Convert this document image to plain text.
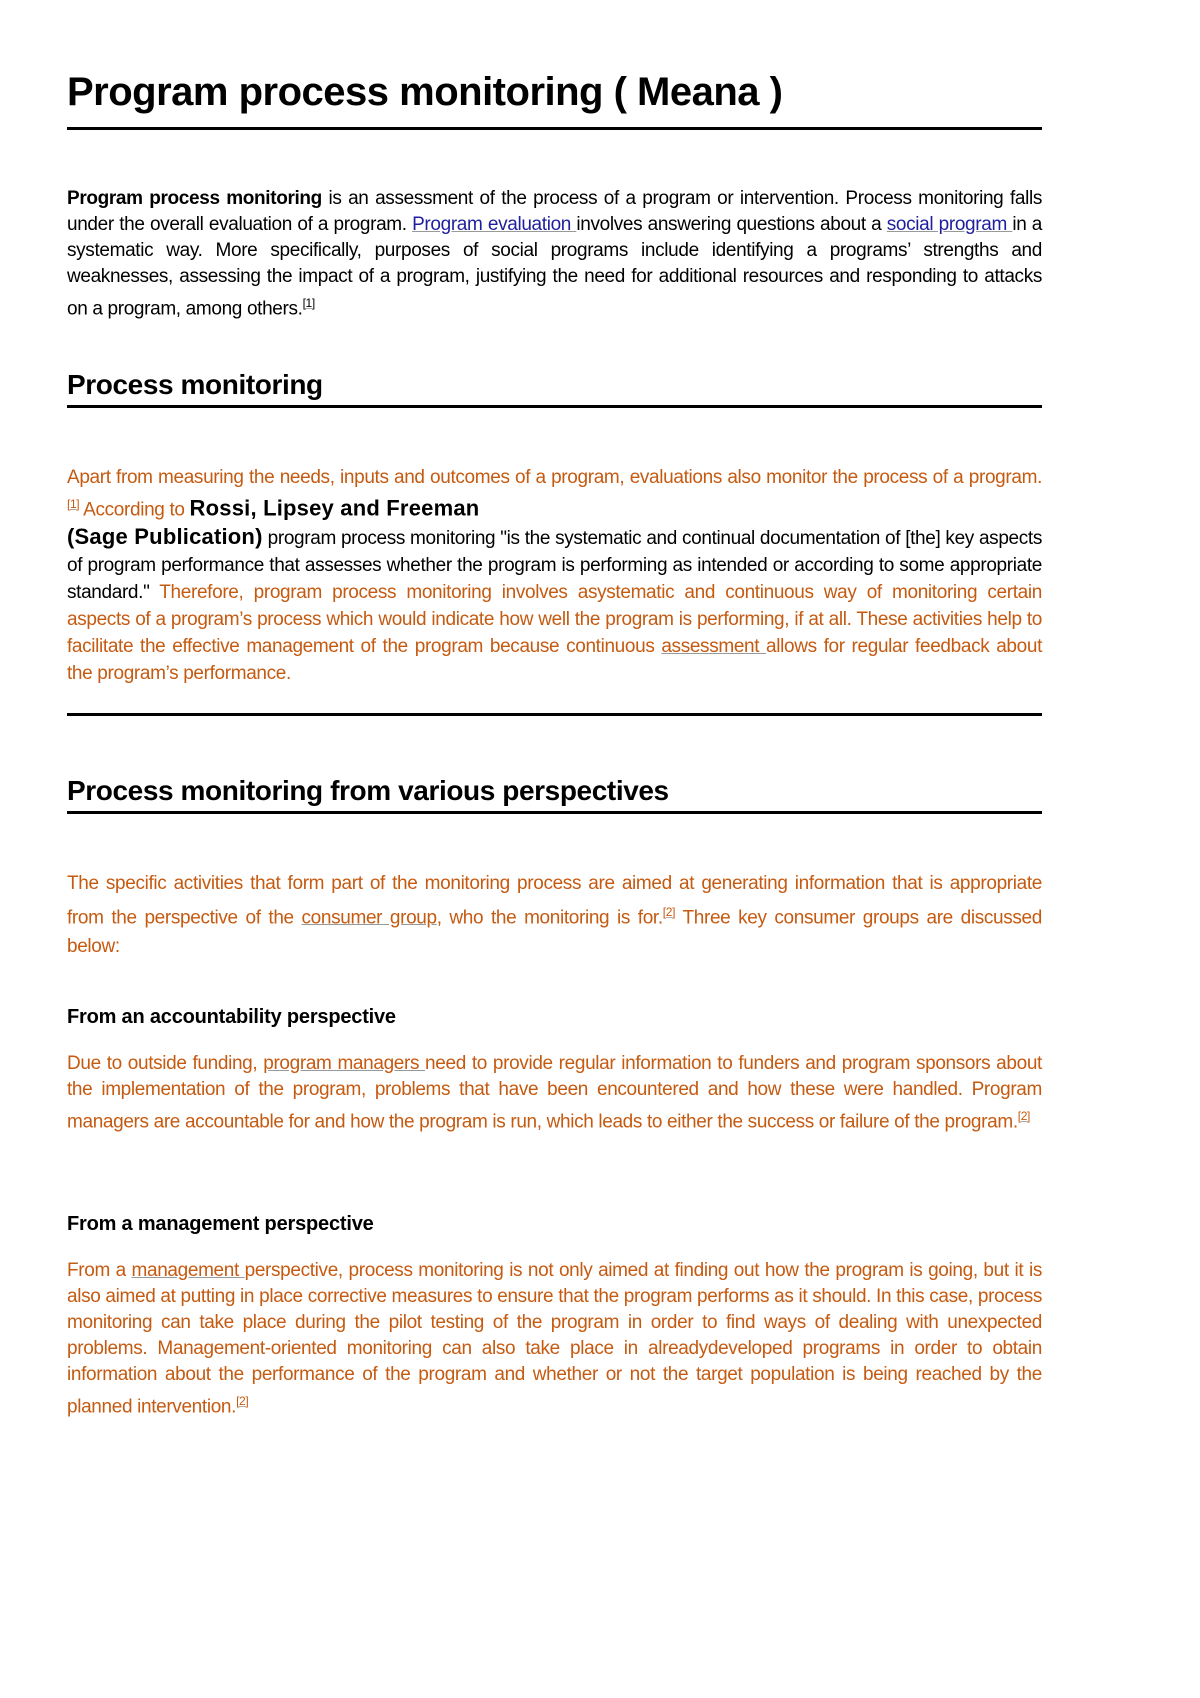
Program process monitoring ( Meana )
Program process monitoring is an assessment of the process of a program or intervention. Process monitoring falls under the overall evaluation of a program. Program evaluation involves answering questions about a social program in a systematic way. More specifically, purposes of social programs include identifying a programs’ strengths and weaknesses, assessing the impact of a program, justifying the need for additional resources and responding to attacks on a program, among others.[1]
Process monitoring
Apart from measuring the needs, inputs and outcomes of a program, evaluations also monitor the process of a program.[1] According to Rossi, Lipsey and Freeman
(Sage Publication) program process monitoring "is the systematic and continual documentation of [the] key aspects of program performance that assesses whether the program is performing as intended or according to some appropriate standard." Therefore, program process monitoring involves asystematic and continuous way of monitoring certain aspects of a program’s process which would indicate how well the program is performing, if at all. These activities help to facilitate the effective management of the program because continuous assessment allows for regular feedback about the program’s performance.
Process monitoring from various perspectives
The specific activities that form part of the monitoring process are aimed at generating information that is appropriate from the perspective of the consumer group, who the monitoring is for.[2] Three key consumer groups are discussed below:
From an accountability perspective
Due to outside funding, program managers need to provide regular information to funders and program sponsors about the implementation of the program, problems that have been encountered and how these were handled. Program managers are accountable for and how the program is run, which leads to either the success or failure of the program.[2]
From a management perspective
From a management perspective, process monitoring is not only aimed at finding out how the program is going, but it is also aimed at putting in place corrective measures to ensure that the program performs as it should. In this case, process monitoring can take place during the pilot testing of the program in order to find ways of dealing with unexpected problems. Management-oriented monitoring can also take place in alreadydeveloped programs in order to obtain information about the performance of the program and whether or not the target population is being reached by the planned intervention.[2]
